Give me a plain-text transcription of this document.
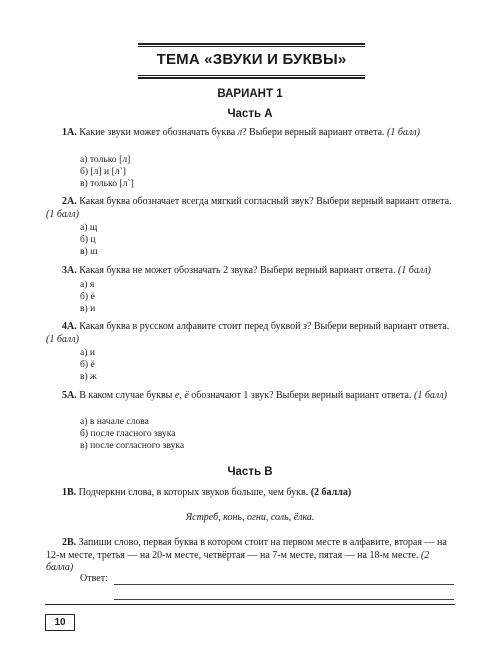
ТЕМА «ЗВУКИ И БУКВЫ»
ВАРИАНТ 1
Часть А
1А. Какие звуки может обозначать буква л? Выбери верный вариант ответа. (1 балл)
а) только [л]
б) [л] и [л`]
в) только [л`]
2А. Какая буква обозначает всегда мягкий согласный звук? Выбери верный вариант ответа. (1 балл)
а) щ
б) ц
в) ш
3А. Какая буква не может обозначать 2 звука? Выбери верный вариант ответа. (1 балл)
а) я
б) ё
в) и
4А. Какая буква в русском алфавите стоит перед буквой з? Выбери верный вариант ответа. (1 балл)
а) и
б) ё
в) ж
5А. В каком случае буквы е, ё обозначают 1 звук? Выбери верный вариант ответа. (1 балл)
а) в начале слова
б) после гласного звука
в) после согласного звука
Часть В
1В. Подчеркни слова, в которых звуков больше, чем букв. (2 балла)
Ястреб, конь, огни, соль, ёлка.
2В. Запиши слово, первая буква в котором стоит на первом месте в алфавите, вторая — на 12-м месте, третья — на 20-м месте, четвёртая — на 7-м месте, пятая — на 18-м месте. (2 балла)
Ответ:
10
